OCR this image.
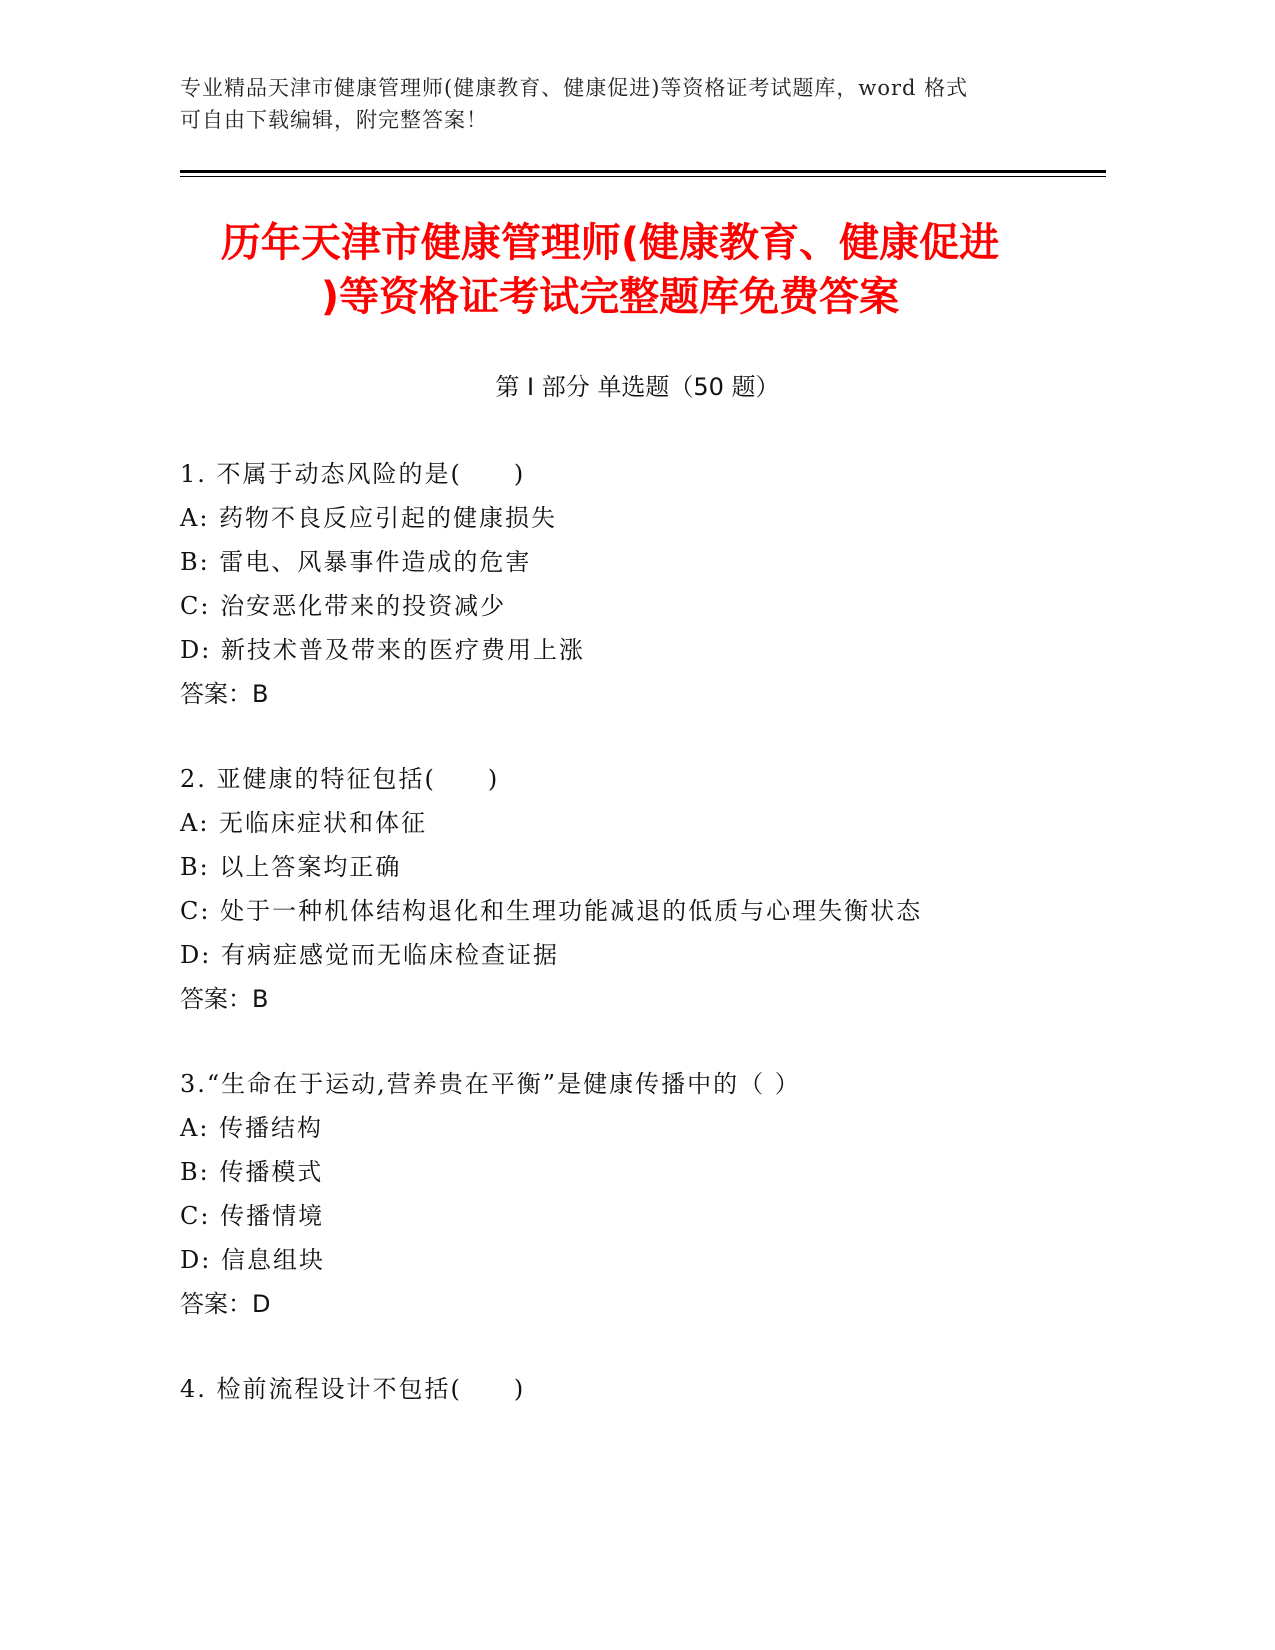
专业精品天津市健康管理师(健康教育、健康促进)等资格证考试题库，word 格式
可自由下载编辑，附完整答案！
历年天津市健康管理师(健康教育、健康促进
)等资格证考试完整题库免费答案
第 I 部分 单选题（50 题）
1. 不属于动态风险的是(　　)
A: 药物不良反应引起的健康损失
B: 雷电、风暴事件造成的危害
C: 治安恶化带来的投资减少
D: 新技术普及带来的医疗费用上涨
答案：B
2. 亚健康的特征包括(　　)
A: 无临床症状和体征
B: 以上答案均正确
C: 处于一种机体结构退化和生理功能减退的低质与心理失衡状态
D: 有病症感觉而无临床检查证据
答案：B
3.“生命在于运动,营养贵在平衡”是健康传播中的（ ）
A: 传播结构
B: 传播模式
C: 传播情境
D: 信息组块
答案：D
4. 检前流程设计不包括(　　)
